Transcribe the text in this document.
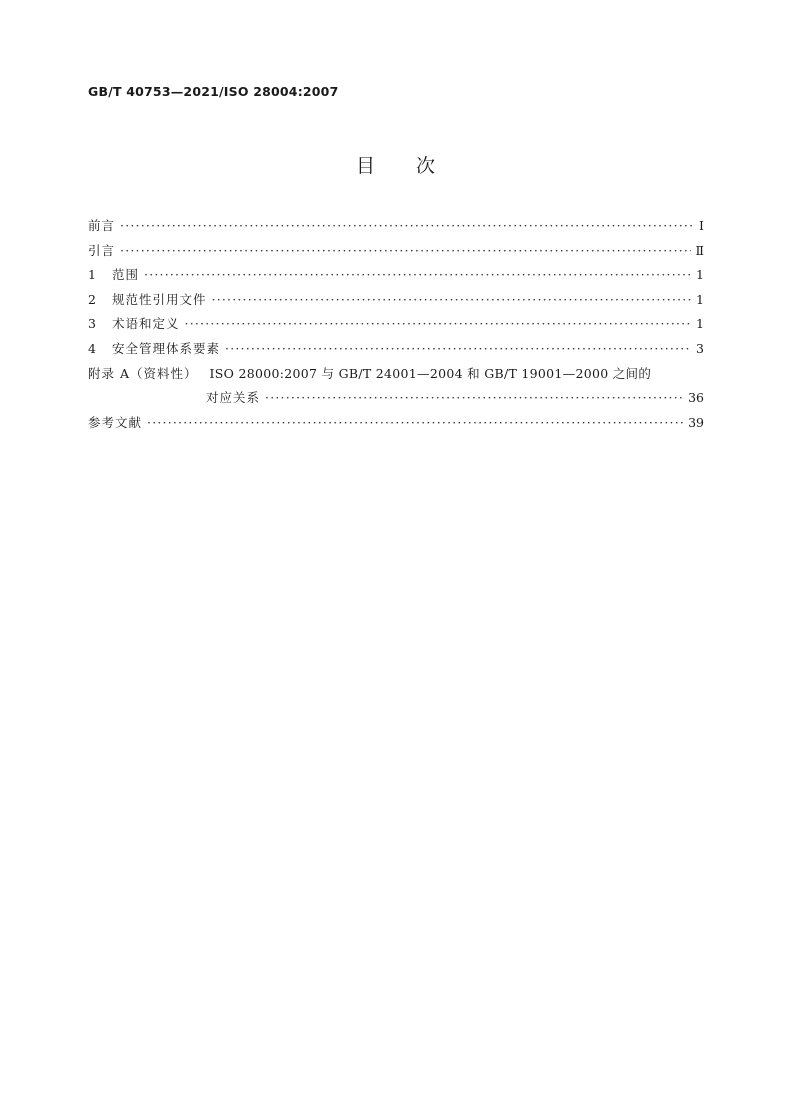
GB/T 40753—2021/ISO 28004:2007
目 次
前言 ·····	Ⅰ
引言 ·····	Ⅱ
1	范围 ·····	1
2	规范性引用文件 ·····	1
3	术语和定义 ·····	1
4	安全管理体系要素 ·····	3
附录 A（资料性） ISO 28000:2007 与 GB/T 24001—2004 和 GB/T 19001—2000 之间的
对应关系 ·····	36
参考文献 ·····	39
